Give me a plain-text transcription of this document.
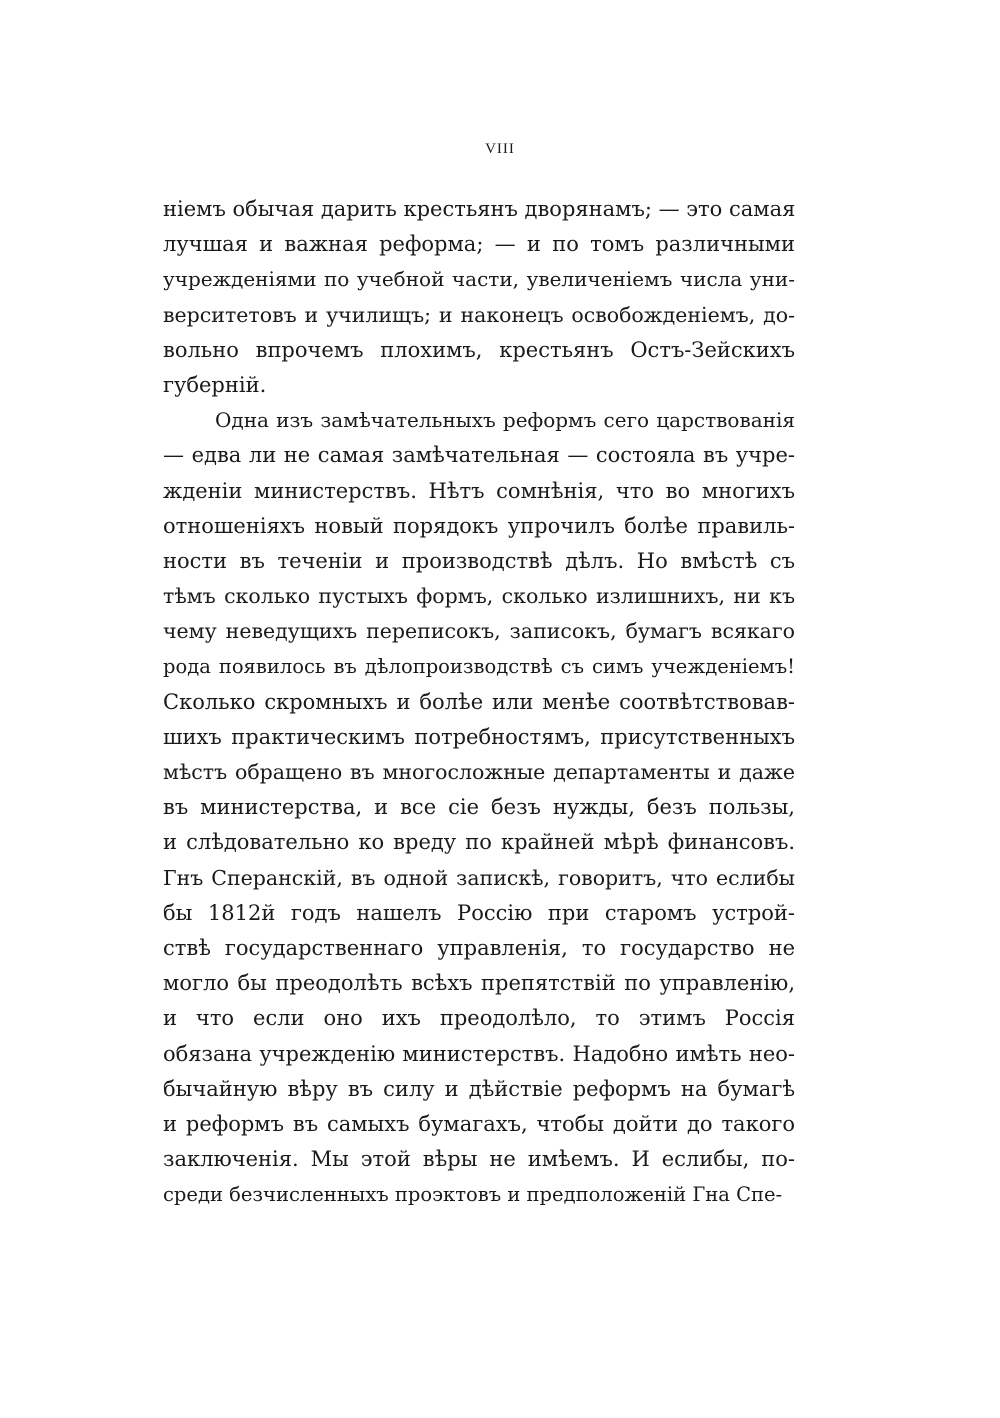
VIII
нiемъ обычая дарить крестьянъ дворянамъ; — это самая
лучшая и важная реформа; — и по томъ различными
учрежденiями по учебной части, увеличенiемъ числа уни-
верситетовъ и училищъ; и наконецъ освобожденiемъ, до-
вольно впрочемъ плохимъ, крестьянъ Остъ-Зейскихъ
губернiй.
Одна изъ замѣчательныхъ реформъ сего царствованiя
— едва ли не самая замѣчательная — состояла въ учре-
жденiи министерствъ. Нѣтъ сомнѣнiя, что во многихъ
отношенiяхъ новый порядокъ упрочилъ болѣе правиль-
ности въ теченiи и производствѣ дѣлъ. Но вмѣстѣ съ
тѣмъ сколько пустыхъ формъ, сколько излишнихъ, ни къ
чему неведущихъ переписокъ, записокъ, бумагъ всякаго
рода появилось въ дѣлопроизводствѣ съ симъ учежденiемъ!
Сколько скромныхъ и болѣе или менѣе соотвѣтствовав-
шихъ практическимъ потребностямъ, присутственныхъ
мѣстъ обращено въ многосложные департаменты и даже
въ министерства, и все сiе безъ нужды, безъ пользы,
и слѣдовательно ко вреду по крайней мѣрѣ финансовъ.
Гнъ Сперанскiй, въ одной запискѣ, говоритъ, что еслибы
бы 1812й годъ нашелъ Россiю при старомъ устрой-
ствѣ государственнаго управленiя, то государство не
могло бы преодолѣть всѣхъ препятствiй по управленiю,
и что если оно ихъ преодолѣло, то этимъ Россiя
обязана учрежденiю министерствъ. Надобно имѣть нео-
бычайную вѣру въ силу и дѣйствiе реформъ на бумагѣ
и реформъ въ самыхъ бумагахъ, чтобы дойти до такого
заключенiя. Мы этой вѣры не имѣемъ. И еслибы, по-
среди безчисленныхъ проэктовъ и предположенiй Гна Спе-
